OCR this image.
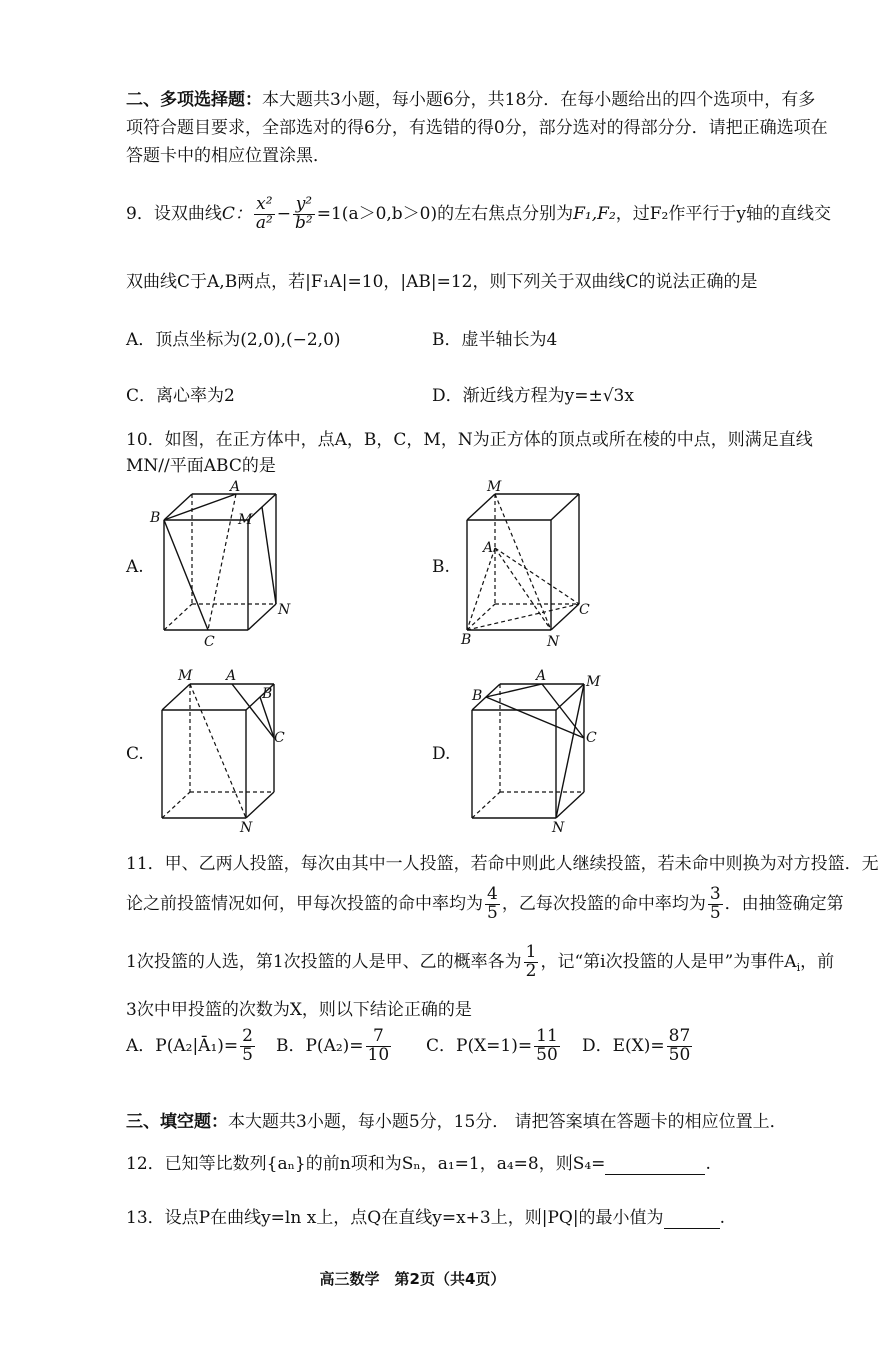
二、多项选择题：本大题共3小题，每小题6分，共18分．在每小题给出的四个选项中，有多
项符合题目要求，全部选对的得6分，有选错的得0分，部分选对的得部分分．请把正确选项在
答题卡中的相应位置涂黑．
9．设双曲线C： $\frac{\text{x²}}{\text{a²}} - \frac{\text{y²}}{\text{b²}} =1(a>0,b>0)$的左右焦点分别为F₁,F₂，过F₂作平行于y轴的直线交
双曲线C于A,B两点，若|F₁A|=10，|AB|=12，则下列关于双曲线C的说法正确的是
A．顶点坐标为(2,0),(−2,0)	B．虚半轴长为4
C．离心率为2	D．渐近线方程为y=±√3x
10．如图，在正方体中，点A，B，C，M，N为正方体的顶点或所在棱的中点，则满足直线
MN//平面ABC的是
A.
A
B	M
N
C
B.
M
A
C
B	N
C.
M A
B
C
N
D.
B
A	M
C
N
11．甲、乙两人投篮，每次由其中一人投篮，若命中则此人继续投篮，若未命中则换为对方投篮．无
论之前投篮情况如何，甲每次投篮的命中率均为 $\frac{4}{5}$ ，乙每次投篮的命中率均为 $\frac{3}{5}$ ．由抽签确定第
1次投篮的人选，第1次投篮的人是甲、乙的概率各为 $\frac{1}{2}$ ，记“第i次投篮的人是甲”为事件$A_i$，前
3次中甲投篮的次数为X，则以下结论正确的是
A．P(A₂|Ā₁)= $\frac{2}{5}$ B．$P(A_2)= \frac{7}{10}$ C．$P(X=1)= \frac{11}{50}$ D．$E(X)= \frac{87}{50}$
三、填空题：本大题共3小题，每小题5分，15分． 请把答案填在答题卡的相应位置上．
12．已知等比数列{aₙ}的前n项和为Sₙ，a₁=1，a₄=8，则S₄=	.
13．设点P在曲线y=ln x上，点Q在直线y=x+3上，则|PQ|的最小值为	.
高三数学　第2页（共4页）
